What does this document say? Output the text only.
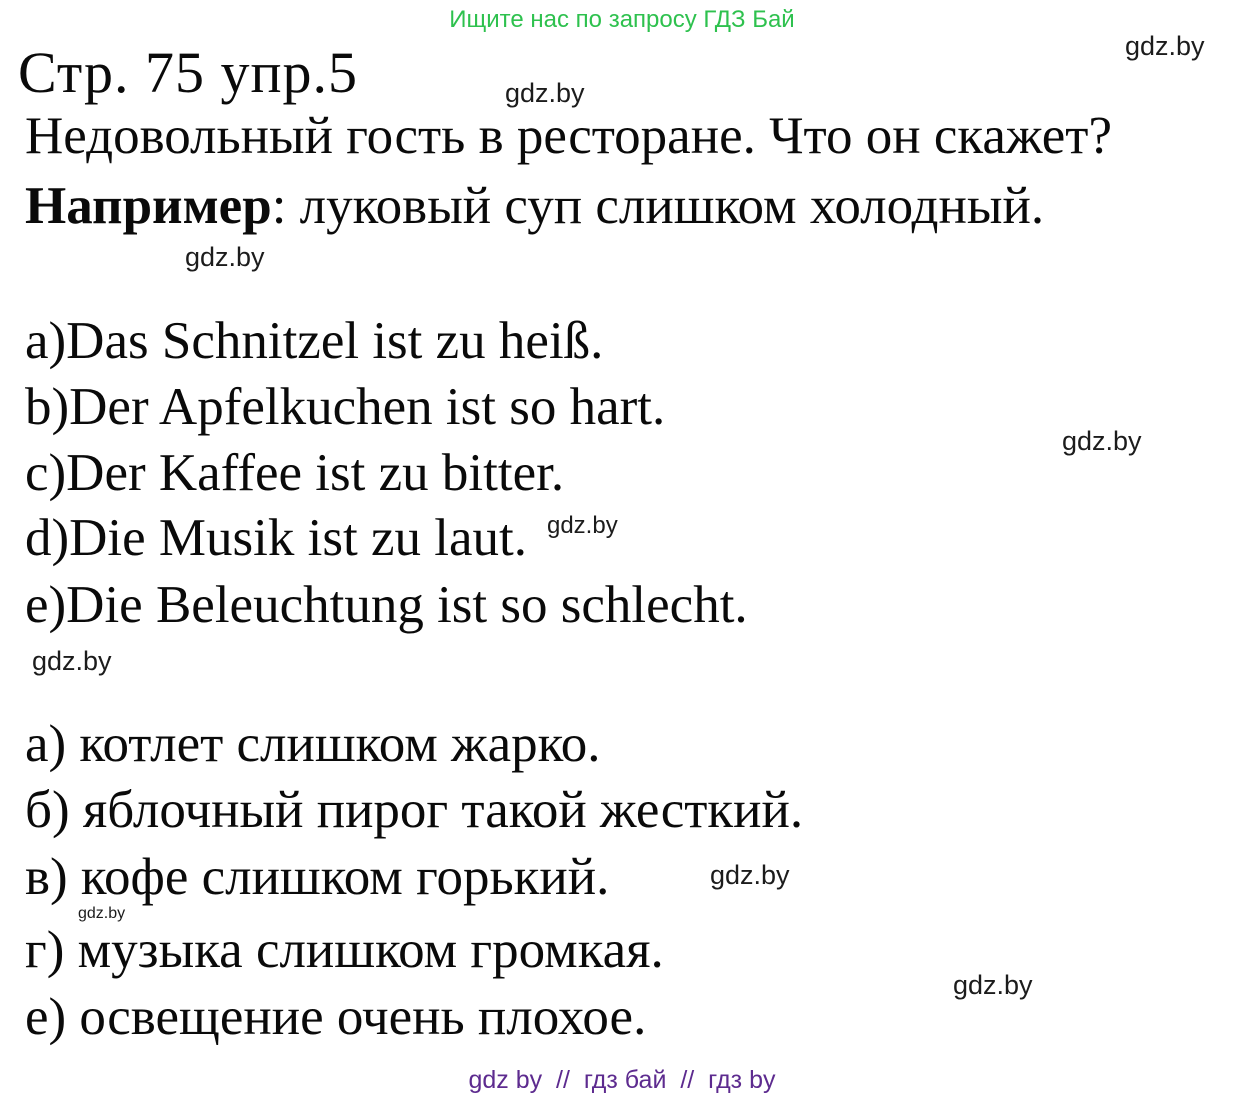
Ищите нас по запросу ГДЗ Бай
gdz.by
Стр. 75 упр.5	gdz.by
Недовольный гость в ресторане. Что он скажет?
Например: луковый суп слишком холодный.
gdz.by
a)Das Schnitzel ist zu heiß.
b)Der Apfelkuchen ist so hart.
c)Der Kaffee ist zu bitter.
d)Die Musik ist zu laut. $^{gdz.by}$
e)Die Beleuchtung ist so schlecht.
gdz.by
gdz.by
а) котлет слишком жарко.
б) яблочный пирог такой жесткий.
в) кофе слишком горький.
г) музыка слишком громкая.
е) освещение очень плохое.
gdz.by
gdz.by
gdz.by
gdz by  //  гдз бай  //  гдз by
